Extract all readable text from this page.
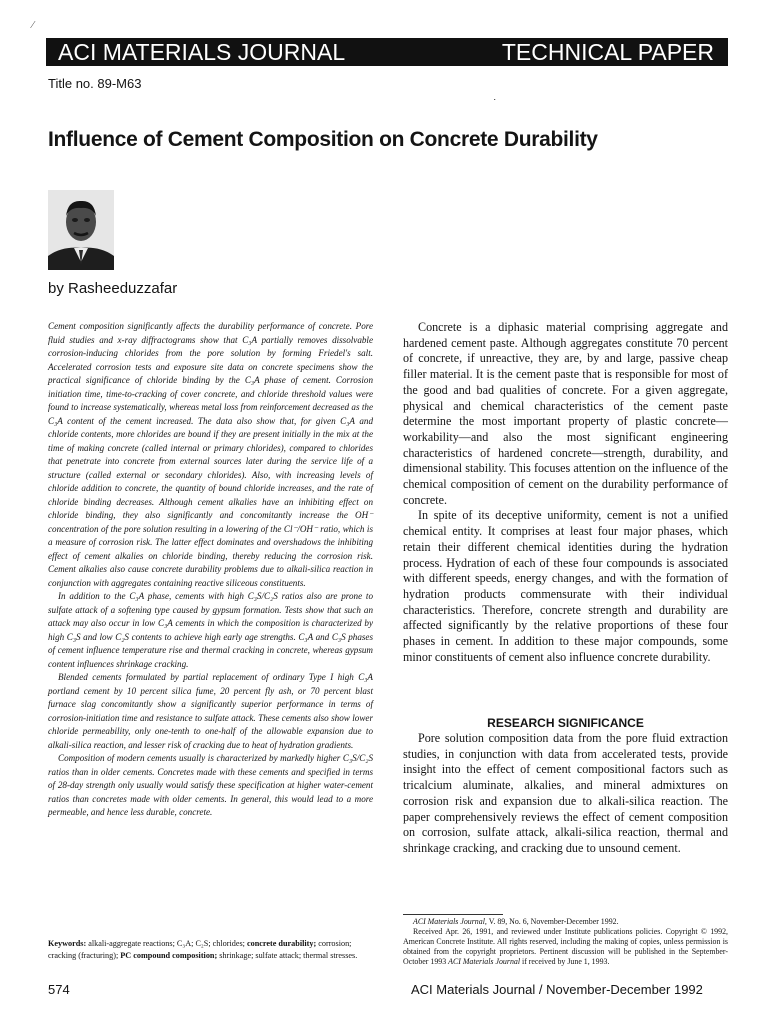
⁄
ACI MATERIALS JOURNAL	TECHNICAL PAPER
Title no. 89-M63
Influence of Cement Composition on Concrete Durability
by Rasheeduzzafar

Cement composition significantly affects the durability performance of concrete. Pore fluid studies and x-ray diffractograms show that C₃A partially removes dissolvable corrosion-inducing chlorides from the pore solution by forming Friedel's salt. Accelerated corrosion tests and exposure site data on concrete specimens show the practical significance of chloride binding by the C₃A phase of cement. Corrosion initiation time, time-to-cracking of cover concrete, and chloride threshold values were found to increase systematically, whereas metal loss from reinforcement decreased as the C₃A content of the cement increased. The data also show that, for given C₃A and chloride contents, more chlorides are bound if they are present initially in the mix at the time of making concrete (called internal or primary chlorides), compared to chlorides that penetrate into concrete from external sources later during the service life of a structure (called external or secondary chlorides). Also, with increasing levels of chloride addition to concrete, the quantity of bound chloride increases, and the rate of chloride binding decreases. Although cement alkalies have an inhibiting effect on chloride binding, they also significantly and concomitantly increase the OH⁻ concentration of the pore solution resulting in a lowering of the Cl⁻/OH⁻ ratio, which is a measure of corrosion risk. The latter effect dominates and overshadows the inhibiting effect of cement alkalies on chloride binding, thereby reducing the corrosion risk. Cement alkalies also cause concrete durability problems due to alkali-silica reaction in conjunction with aggregates containing reactive siliceous constituents.

In addition to the C₃A phase, cements with high C₃S/C₂S ratios also are prone to sulfate attack of a softening type caused by gypsum formation. Tests show that such an attack may also occur in low C₃A cements in which the composition is characterized by high C₃S and low C₂S contents to achieve high early age strengths. C₃A and C₃S phases of cement influence temperature rise and thermal cracking in concrete, whereas gypsum content influences shrinkage cracking.

Blended cements formulated by partial replacement of ordinary Type I high C₃A portland cement by 10 percent silica fume, 20 percent fly ash, or 70 percent blast furnace slag concomitantly show a significantly superior performance in terms of corrosion-initiation time and resistance to sulfate attack. These cements also show lower chloride permeability, only one-tenth to one-half of the allowable expansion due to alkali-silica reaction, and lesser risk of cracking due to heat of hydration gradients.

Composition of modern cements usually is characterized by markedly higher C₃S/C₂S ratios than in older cements. Concretes made with these cements and specified in terms of 28-day strength only usually would satisfy these specification at higher water-cement ratios than concretes made with older cements. In general, this would lead to a more permeable, and hence less durable, concrete.

Keywords: alkali-aggregate reactions; C₃A; C₂S; chlorides; concrete durability; corrosion; cracking (fracturing); PC compound composition; shrinkage; sulfate attack; thermal stresses.

Concrete is a diphasic material comprising aggregate and hardened cement paste. Although aggregates constitute 70 percent of concrete, if unreactive, they are, by and large, passive cheap filler material. It is the cement paste that is responsible for most of the good and bad qualities of concrete. For a given aggregate, physical and chemical characteristics of the cement paste determine the most important property of plastic concrete—workability—and also the most significant engineering characteristics of hardened concrete—strength, durability, and dimensional stability. This focuses attention on the influence of the chemical composition of cement on the durability performance of concrete.

In spite of its deceptive uniformity, cement is not a unified chemical entity. It comprises at least four major phases, which retain their different chemical identities during the hydration process. Hydration of each of these four compounds is associated with different speeds, energy changes, and with the formation of hydration products commensurate with their individual characteristics. Therefore, concrete strength and durability are affected significantly by the relative proportions of these four phases in cement. In addition to these major compounds, some minor constituents of cement also influence concrete durability.

RESEARCH SIGNIFICANCE

Pore solution composition data from the pore fluid extraction studies, in conjunction with data from accelerated tests, provide insight into the effect of cement compositional factors such as tricalcium aluminate, alkalies, and mineral admixtures on corrosion risk and expansion due to alkali-silica reaction. The paper comprehensively reviews the effect of cement composition on corrosion, sulfate attack, alkali-silica reaction, thermal and shrinkage cracking, and cracking due to unsound cement.

․

ACI Materials Journal, V. 89, No. 6, November-December 1992.

Received Apr. 26, 1991, and reviewed under Institute publications policies. Copyright © 1992, American Concrete Institute. All rights reserved, including the making of copies, unless permission is obtained from the copyright proprietors. Pertinent discussion will be published in the September-October 1993 ACI Materials Journal if received by June 1, 1993.

574	ACI Materials Journal / November-December 1992
